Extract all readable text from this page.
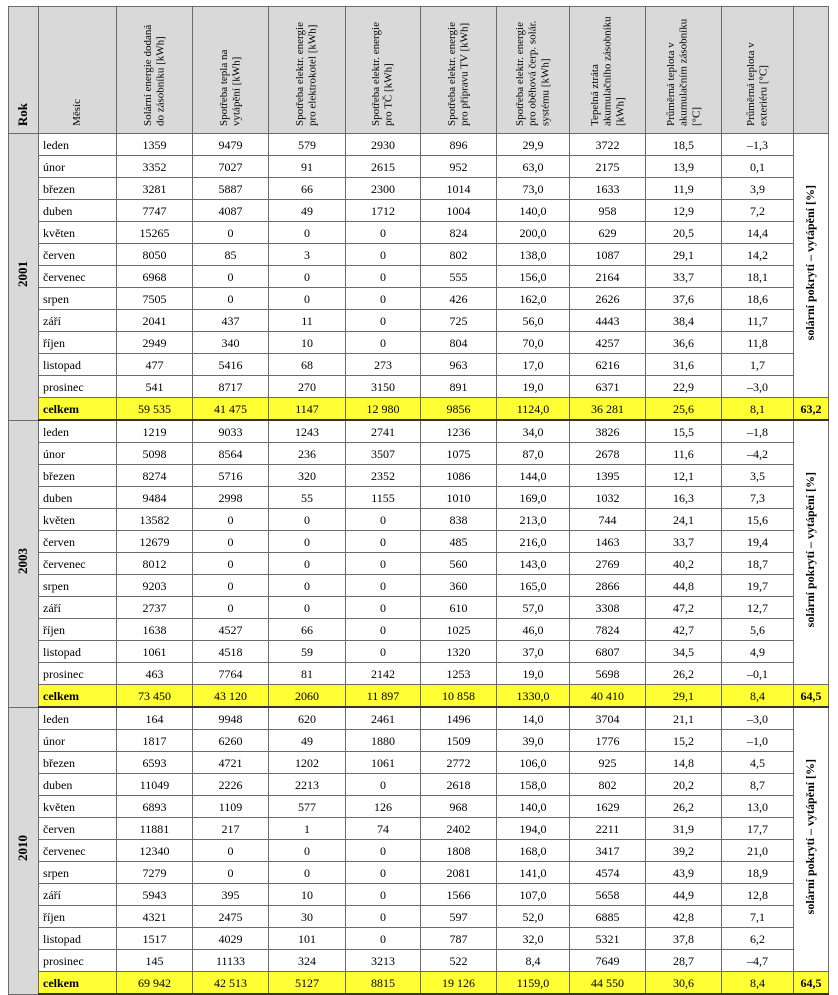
Rok	Měsíc	Solární energie dodaná do zásobníku [kWh]	Spotřeba tepla na vytápění [kWh]	Spotřeba elektr. energie pro elektrokotel [kWh]	Spotřeba elektr. energie pro TČ [kWh]	Spotřeba elektr. energie pro přípravu TV [kWh]	Spotřeba elektr. energie pro oběhová čerp. solár. systému [kWh]	Tepelná ztráta akumulačního zásobníku [kWh]	Průměrná teplota v akumulačním zásobníku [°C]	Průměrná teplota v exteriéru [°C]	
2001	leden	1359	9479	579	2930	896	29,9	3722	18,5	–1,3	solární pokrytí – vytápění [%]
	únor	3352	7027	91	2615	952	63,0	2175	13,9	0,1	
	březen	3281	5887	66	2300	1014	73,0	1633	11,9	3,9	
	duben	7747	4087	49	1712	1004	140,0	958	12,9	7,2	
	květen	15265	0	0	0	824	200,0	629	20,5	14,4	
	červen	8050	85	3	0	802	138,0	1087	29,1	14,2	
	červenec	6968	0	0	0	555	156,0	2164	33,7	18,1	
	srpen	7505	0	0	0	426	162,0	2626	37,6	18,6	
	září	2041	437	11	0	725	56,0	4443	38,4	11,7	
	říjen	2949	340	10	0	804	70,0	4257	36,6	11,8	
	listopad	477	5416	68	273	963	17,0	6216	31,6	1,7	
	prosinec	541	8717	270	3150	891	19,0	6371	22,9	–3,0	
	celkem	59 535	41 475	1147	12 980	9856	1124,0	36 281	25,6	8,1	63,2
2003	leden	1219	9033	1243	2741	1236	34,0	3826	15,5	–1,8	solární pokrytí – vytápění [%]
	únor	5098	8564	236	3507	1075	87,0	2678	11,6	–4,2	
	březen	8274	5716	320	2352	1086	144,0	1395	12,1	3,5	
	duben	9484	2998	55	1155	1010	169,0	1032	16,3	7,3	
	květen	13582	0	0	0	838	213,0	744	24,1	15,6	
	červen	12679	0	0	0	485	216,0	1463	33,7	19,4	
	červenec	8012	0	0	0	560	143,0	2769	40,2	18,7	
	srpen	9203	0	0	0	360	165,0	2866	44,8	19,7	
	září	2737	0	0	0	610	57,0	3308	47,2	12,7	
	říjen	1638	4527	66	0	1025	46,0	7824	42,7	5,6	
	listopad	1061	4518	59	0	1320	37,0	6807	34,5	4,9	
	prosinec	463	7764	81	2142	1253	19,0	5698	26,2	–0,1	
	celkem	73 450	43 120	2060	11 897	10 858	1330,0	40 410	29,1	8,4	64,5
2010	leden	164	9948	620	2461	1496	14,0	3704	21,1	–3,0	solární pokrytí – vytápění [%]
	únor	1817	6260	49	1880	1509	39,0	1776	15,2	–1,0	
	březen	6593	4721	1202	1061	2772	106,0	925	14,8	4,5	
	duben	11049	2226	2213	0	2618	158,0	802	20,2	8,7	
	květen	6893	1109	577	126	968	140,0	1629	26,2	13,0	
	červen	11881	217	1	74	2402	194,0	2211	31,9	17,7	
	červenec	12340	0	0	0	1808	168,0	3417	39,2	21,0	
	srpen	7279	0	0	0	2081	141,0	4574	43,9	18,9	
	září	5943	395	10	0	1566	107,0	5658	44,9	12,8	
	říjen	4321	2475	30	0	597	52,0	6885	42,8	7,1	
	listopad	1517	4029	101	0	787	32,0	5321	37,8	6,2	
	prosinec	145	11133	324	3213	522	8,4	7649	28,7	–4,7	
	celkem	69 942	42 513	5127	8815	19 126	1159,0	44 550	30,6	8,4	64,5
